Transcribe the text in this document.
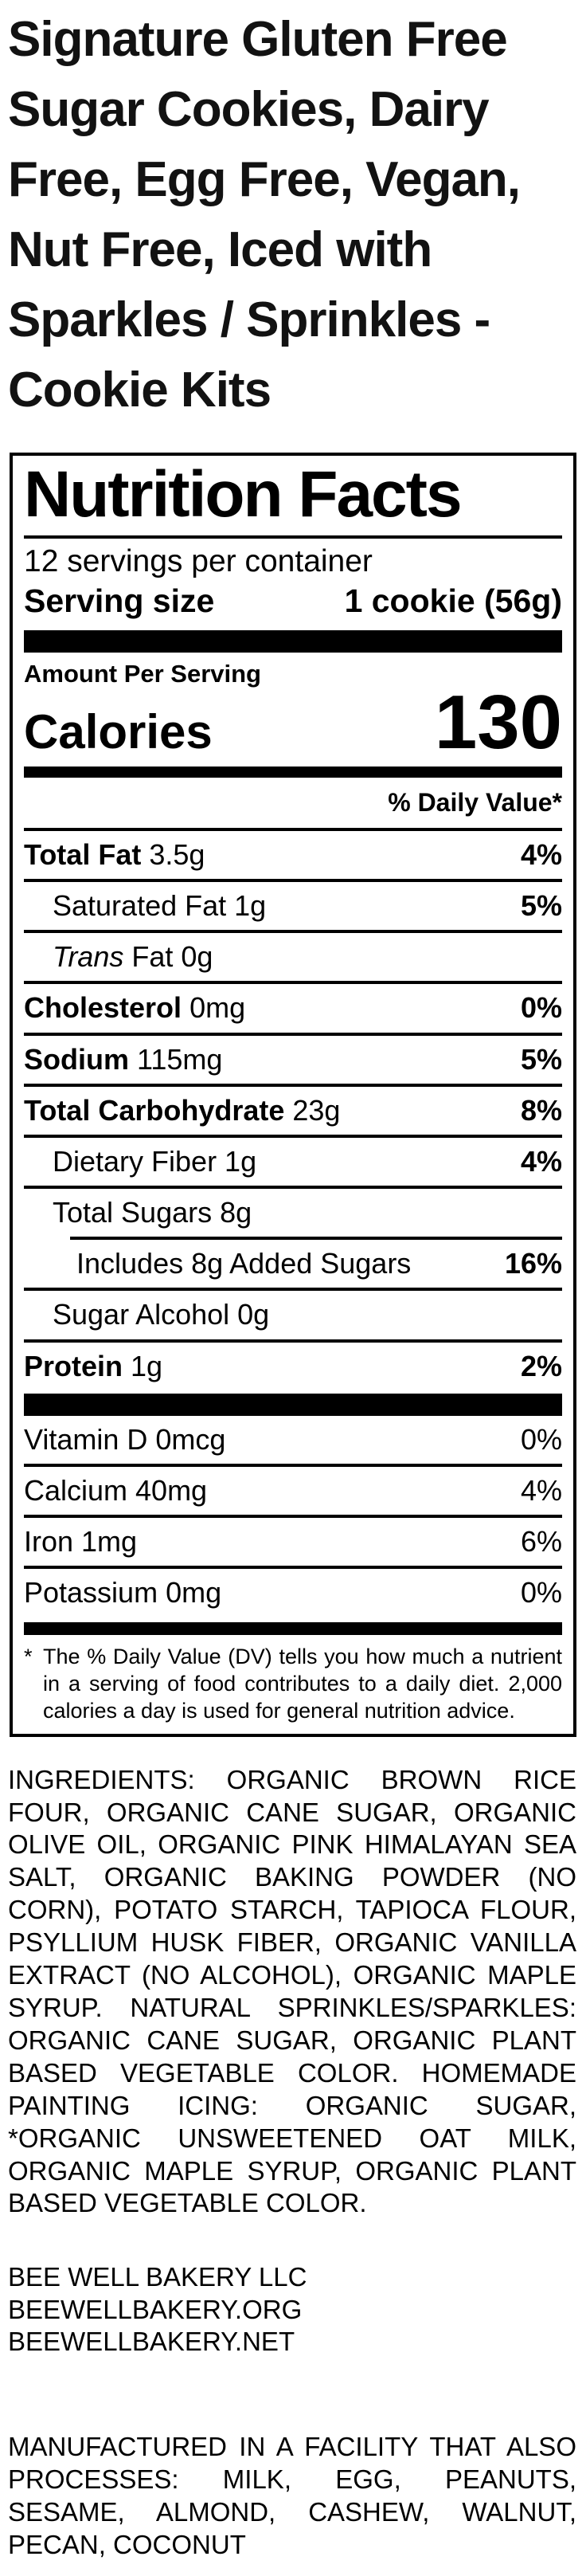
Signature Gluten Free Sugar Cookies, Dairy Free, Egg Free, Vegan, Nut Free, Iced with Sparkles / Sprinkles - Cookie Kits
Nutrition Facts
12 servings per container
Serving size	1 cookie (56g)
Amount Per Serving
Calories	130
% Daily Value*
Total Fat 3.5g	4%
Saturated Fat 1g	5%
Trans Fat 0g
Cholesterol 0mg	0%
Sodium 115mg	5%
Total Carbohydrate 23g	8%
Dietary Fiber 1g	4%
Total Sugars 8g
Includes 8g Added Sugars	16%
Sugar Alcohol 0g
Protein 1g	2%
Vitamin D 0mcg	0%
Calcium 40mg	4%
Iron 1mg	6%
Potassium 0mg	0%
* The % Daily Value (DV) tells you how much a nutrient in a serving of food contributes to a daily diet. 2,000 calories a day is used for general nutrition advice.
INGREDIENTS: ORGANIC BROWN RICE FOUR, ORGANIC CANE SUGAR, ORGANIC OLIVE OIL, ORGANIC PINK HIMALAYAN SEA SALT, ORGANIC BAKING POWDER (NO CORN), POTATO STARCH, TAPIOCA FLOUR, PSYLLIUM HUSK FIBER, ORGANIC VANILLA EXTRACT (NO ALCOHOL), ORGANIC MAPLE SYRUP. NATURAL SPRINKLES/SPARKLES: ORGANIC CANE SUGAR, ORGANIC PLANT BASED VEGETABLE COLOR. HOMEMADE PAINTING ICING: ORGANIC SUGAR, *ORGANIC UNSWEETENED OAT MILK, ORGANIC MAPLE SYRUP, ORGANIC PLANT BASED VEGETABLE COLOR.
BEE WELL BAKERY LLC
BEEWELLBAKERY.ORG
BEEWELLBAKERY.NET
MANUFACTURED IN A FACILITY THAT ALSO PROCESSES: MILK, EGG, PEANUTS, SESAME, ALMOND, CASHEW, WALNUT, PECAN, COCONUT
